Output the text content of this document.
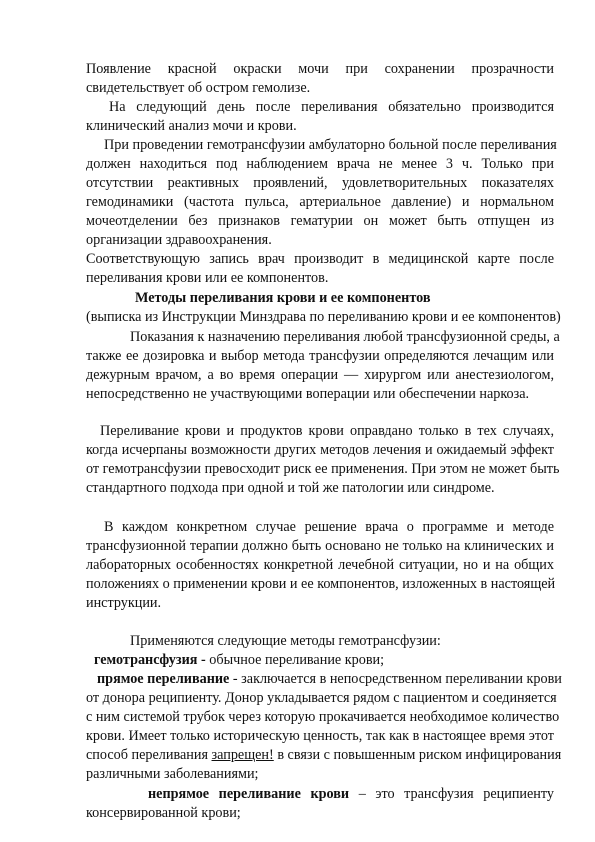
Появление красной окраски мочи при сохранении прозрачности
свидетельствует об остром гемолизе.
На следующий день после переливания обязательно производится
клинический анализ мочи и крови.
При проведении гемотрансфузии амбулаторно больной после переливания
должен находиться под наблюдением врача не менее 3 ч. Только при
отсутствии реактивных проявлений, удовлетворительных показателях
гемодинамики (частота пульса, артериальное давление) и нормальном
мочеотделении без признаков гематурии он может быть отпущен из
организации здравоохранения.
Соответствующую запись врач производит в медицинской карте после
переливания крови или ее компонентов.
Методы переливания крови и ее компонентов
(выписка из Инструкции Минздрава по переливанию крови и ее компонентов)
Показания к назначению переливания любой трансфузионной среды, а
также ее дозировка и выбор метода трансфузии определяются лечащим или
дежурным врачом, а во время операции — хирургом или анестезиологом,
непосредственно не участвующими воперации или обеспечении наркоза.
Переливание крови и продуктов крови оправдано только в тех случаях,
когда исчерпаны возможности других методов лечения и ожидаемый эффект
от гемотрансфузии превосходит риск ее применения. При этом не может быть
стандартного подхода при одной и той же патологии или синдроме.
В каждом конкретном случае решение врача о программе и методе
трансфузионной терапии должно быть основано не только на клинических и
лабораторных особенностях конкретной лечебной ситуации, но и на общих
положениях о применении крови и ее компонентов, изложенных в настоящей
инструкции.
Применяются следующие методы гемотрансфузии:
гемотрансфузия - обычное переливание крови;
прямое переливание - заключается в непосредственном переливании крови
от донора реципиенту. Донор укладывается рядом с пациентом и соединяется
с ним системой трубок через которую прокачивается необходимое количество
крови. Имеет только историческую ценность, так как в настоящее время этот
способ переливания запрещен! в связи с повышенным риском инфицирования
различными заболеваниями;
непрямое переливание крови – это трансфузия реципиенту
консервированной крови;
